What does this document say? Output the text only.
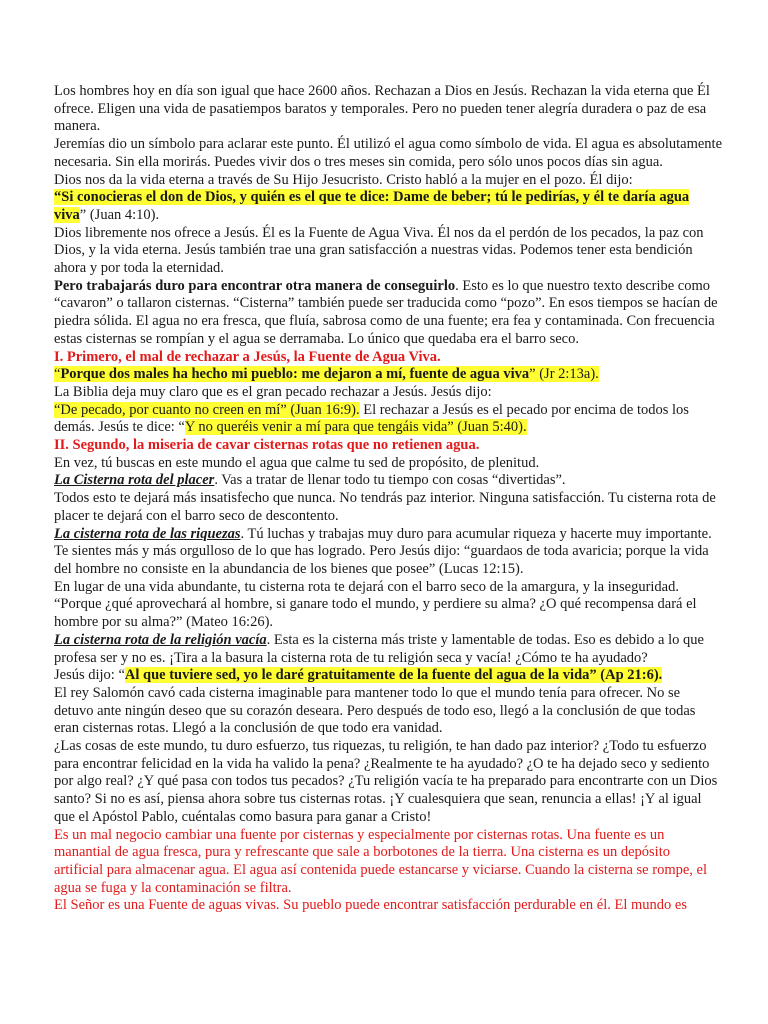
Los hombres hoy en día son igual que hace 2600 años. Rechazan a Dios en Jesús. Rechazan la vida eterna que Él ofrece. Eligen una vida de pasatiempos baratos y temporales. Pero no pueden tener alegría duradera o paz de esa manera.

Jeremías dio un símbolo para aclarar este punto. Él utilizó el agua como símbolo de vida. El agua es absolutamente necesaria. Sin ella morirás. Puedes vivir dos o tres meses sin comida, pero sólo unos pocos días sin agua.

Dios nos da la vida eterna a través de Su Hijo Jesucristo. Cristo habló a la mujer en el pozo. Él dijo:

“Si conocieras el don de Dios, y quién es el que te dice: Dame de beber; tú le pedirías, y él te daría agua viva” (Juan 4:10).

Dios libremente nos ofrece a Jesús. Él es la Fuente de Agua Viva. Él nos da el perdón de los pecados, la paz con Dios, y la vida eterna. Jesús también trae una gran satisfacción a nuestras vidas. Podemos tener esta bendición ahora y por toda la eternidad.

Pero trabajarás duro para encontrar otra manera de conseguirlo. Esto es lo que nuestro texto describe como “cavaron” o tallaron cisternas. “Cisterna” también puede ser traducida como “pozo”. En esos tiempos se hacían de piedra sólida. El agua no era fresca, que fluía, sabrosa como de una fuente; era fea y contaminada. Con frecuencia estas cisternas se rompían y el agua se derramaba. Lo único que quedaba era el barro seco.

I. Primero, el mal de rechazar a Jesús, la Fuente de Agua Viva.

“Porque dos males ha hecho mi pueblo: me dejaron a mí, fuente de agua viva” (Jr 2:13a).

La Biblia deja muy claro que es el gran pecado rechazar a Jesús. Jesús dijo:

“De pecado, por cuanto no creen en mí” (Juan 16:9). El rechazar a Jesús es el pecado por encima de todos los demás. Jesús te dice: “Y no queréis venir a mí para que tengáis vida” (Juan 5:40).

II. Segundo, la miseria de cavar cisternas rotas que no retienen agua.

En vez, tú buscas en este mundo el agua que calme tu sed de propósito, de plenitud.

La Cisterna rota del placer. Vas a tratar de llenar todo tu tiempo con cosas “divertidas”.

Todos esto te dejará más insatisfecho que nunca. No tendrás paz interior. Ninguna satisfacción. Tu cisterna rota de placer te dejará con el barro seco de descontento.

La cisterna rota de las riquezas. Tú luchas y trabajas muy duro para acumular riqueza y hacerte muy importante. Te sientes más y más orgulloso de lo que has logrado. Pero Jesús dijo: “guardaos de toda avaricia; porque la vida del hombre no consiste en la abundancia de los bienes que posee” (Lucas 12:15).

En lugar de una vida abundante, tu cisterna rota te dejará con el barro seco de la amargura, y la inseguridad. “Porque ¿qué aprovechará al hombre, si ganare todo el mundo, y perdiere su alma? ¿O qué recompensa dará el hombre por su alma?” (Mateo 16:26).

La cisterna rota de la religión vacía. Esta es la cisterna más triste y lamentable de todas. Eso es debido a lo que profesa ser y no es. ¡Tira a la basura la cisterna rota de tu religión seca y vacía! ¿Cómo te ha ayudado?

Jesús dijo: “Al que tuviere sed, yo le daré gratuitamente de la fuente del agua de la vida” (Ap 21:6).

El rey Salomón cavó cada cisterna imaginable para mantener todo lo que el mundo tenía para ofrecer. No se detuvo ante ningún deseo que su corazón deseara. Pero después de todo eso, llegó a la conclusión de que todas eran cisternas rotas. Llegó a la conclusión de que todo era vanidad.

¿Las cosas de este mundo, tu duro esfuerzo, tus riquezas, tu religión, te han dado paz interior? ¿Todo tu esfuerzo para encontrar felicidad en la vida ha valido la pena? ¿Realmente te ha ayudado? ¿O te ha dejado seco y sediento por algo real? ¿Y qué pasa con todos tus pecados? ¿Tu religión vacía te ha preparado para encontrarte con un Dios santo? Si no es así, piensa ahora sobre tus cisternas rotas. ¡Y cualesquiera que sean, renuncia a ellas! ¡Y al igual que el Apóstol Pablo, cuéntalas como basura para ganar a Cristo!

Es un mal negocio cambiar una fuente por cisternas y especialmente por cisternas rotas. Una fuente es un manantial de agua fresca, pura y refrescante que sale a borbotones de la tierra. Una cisterna es un depósito artificial para almacenar agua. El agua así contenida puede estancarse y viciarse. Cuando la cisterna se rompe, el agua se fuga y la contaminación se filtra.

El Señor es una Fuente de aguas vivas. Su pueblo puede encontrar satisfacción perdurable en él. El mundo es
